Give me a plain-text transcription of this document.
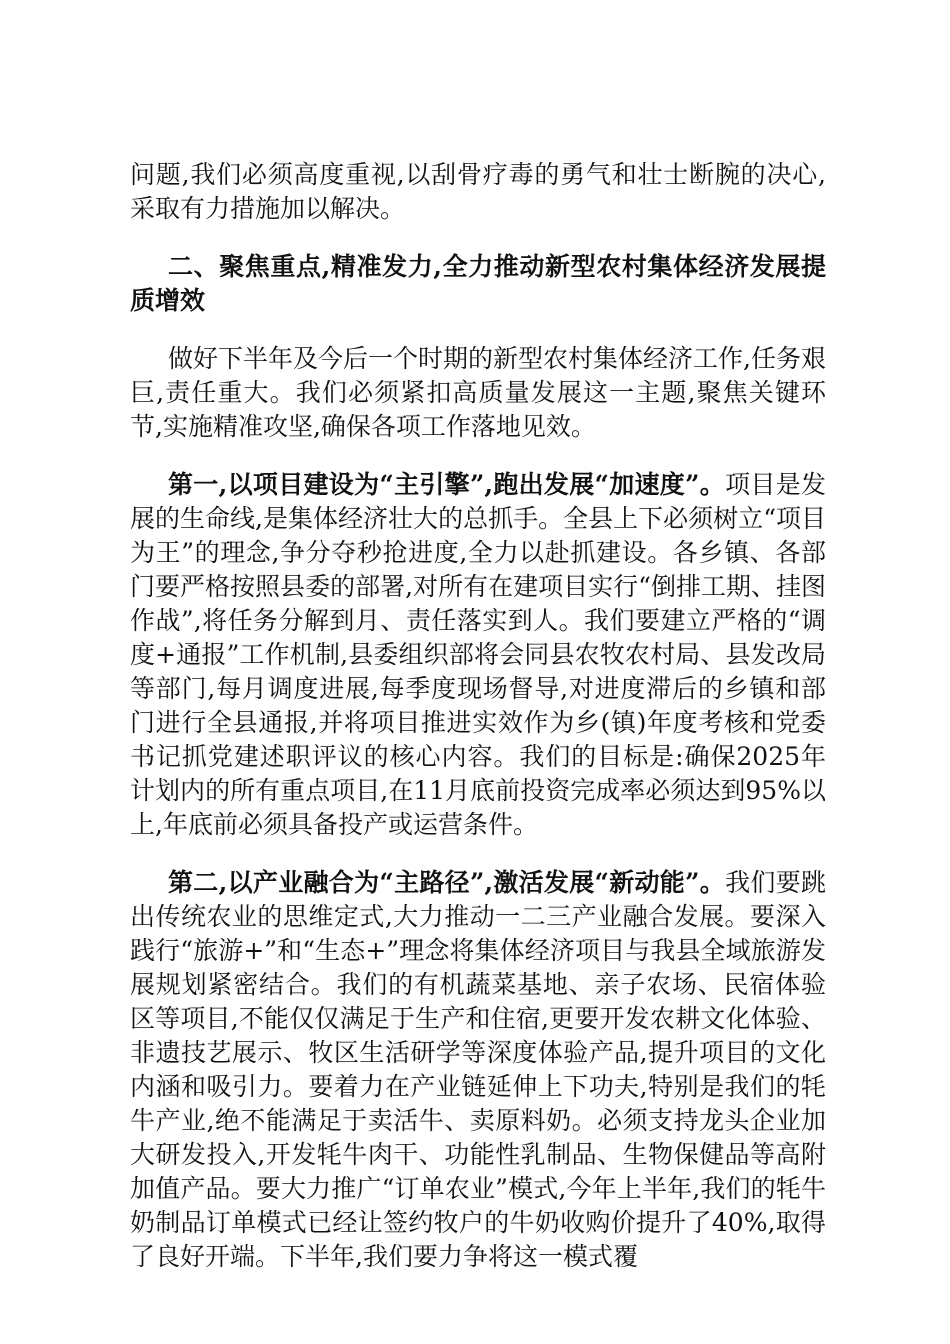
问题,我们必须高度重视,以刮骨疗毒的勇气和壮士断腕的决心,采取有力措施加以解决。

二、聚焦重点,精准发力,全力推动新型农村集体经济发展提质增效

做好下半年及今后一个时期的新型农村集体经济工作,任务艰巨,责任重大。我们必须紧扣高质量发展这一主题,聚焦关键环节,实施精准攻坚,确保各项工作落地见效。

第一,以项目建设为“主引擎”,跑出发展“加速度”。项目是发展的生命线,是集体经济壮大的总抓手。全县上下必须树立“项目为王”的理念,争分夺秒抢进度,全力以赴抓建设。各乡镇、各部门要严格按照县委的部署,对所有在建项目实行“倒排工期、挂图作战”,将任务分解到月、责任落实到人。我们要建立严格的“调度+通报”工作机制,县委组织部将会同县农牧农村局、县发改局等部门,每月调度进展,每季度现场督导,对进度滞后的乡镇和部门进行全县通报,并将项目推进实效作为乡(镇)年度考核和党委书记抓党建述职评议的核心内容。我们的目标是:确保2025年计划内的所有重点项目,在11月底前投资完成率必须达到95%以上,年底前必须具备投产或运营条件。

第二,以产业融合为“主路径”,激活发展“新动能”。我们要跳出传统农业的思维定式,大力推动一二三产业融合发展。要深入践行“旅游+”和“生态+”理念将集体经济项目与我县全域旅游发展规划紧密结合。我们的有机蔬菜基地、亲子农场、民宿体验区等项目,不能仅仅满足于生产和住宿,更要开发农耕文化体验、非遗技艺展示、牧区生活研学等深度体验产品,提升项目的文化内涵和吸引力。要着力在产业链延伸上下功夫,特别是我们的牦牛产业,绝不能满足于卖活牛、卖原料奶。必须支持龙头企业加大研发投入,开发牦牛肉干、功能性乳制品、生物保健品等高附加值产品。要大力推广“订单农业”模式,今年上半年,我们的牦牛奶制品订单模式已经让签约牧户的牛奶收购价提升了40%,取得了良好开端。下半年,我们要力争将这一模式覆
